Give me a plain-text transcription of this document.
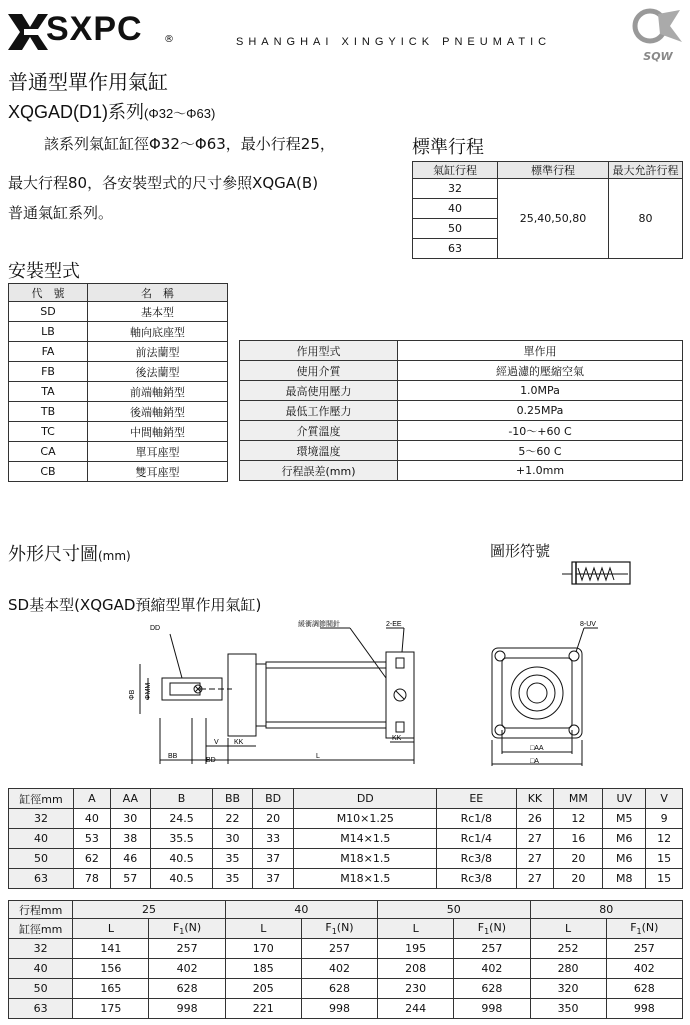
SXPC ®	SHANGHAI XINGYICK PNEUMATIC
SQW
普通型單作用氣缸
XQGAD(D1)系列(Φ32～Φ63)
該系列氣缸缸徑Φ32～Φ63，最小行程25，
最大行程80，各安裝型式的尺寸參照XQGA(B)
普通氣缸系列。
標準行程
氣缸行程	標準行程	最大允許行程
32	25,40,50,80	80
40		
50		
63		
安裝型式
代　號	名　稱
SD	基本型
LB	軸向底座型
FA	前法蘭型
FB	後法蘭型
TA	前端軸銷型
TB	後端軸銷型
TC	中間軸銷型
CA	單耳座型
CB	雙耳座型
作用型式	單作用
使用介質	經過濾的壓縮空氣
最高使用壓力	1.0MPa
最低工作壓力	0.25MPa
介質溫度	-10～+60 C
環境溫度	5～60 C
行程誤差(mm)	+1.0mm
外形尺寸圖(mm)	圖形符號
SD基本型(XQGAD預縮型單作用氣缸)
DD
緩衝調節閥針	2-EE
ΦB ΦMM
BB
BD
V KK
KK
L
8-UV
□AA
□A
缸徑mm	A	AA	B	BB	BD	DD	EE	KK	MM	UV	V
32	40	30	24.5	22	20	M10×1.25	Rc1/8	26	12	M5	9
40	53	38	35.5	30	33	M14×1.5	Rc1/4	27	16	M6	12
50	62	46	40.5	35	37	M18×1.5	Rc3/8	27	20	M6	15
63	78	57	40.5	35	37	M18×1.5	Rc3/8	27	20	M8	15
行程mm	25		40		50		80	
缸徑mm	L	$F_1(N)$	L	$F_1(N)$	L	$F_1(N)$	L	$F_1(N)$
32	141	257	170	257	195	257	252	257
40	156	402	185	402	208	402	280	402
50	165	628	205	628	230	628	320	628
63	175	998	221	998	244	998	350	998
